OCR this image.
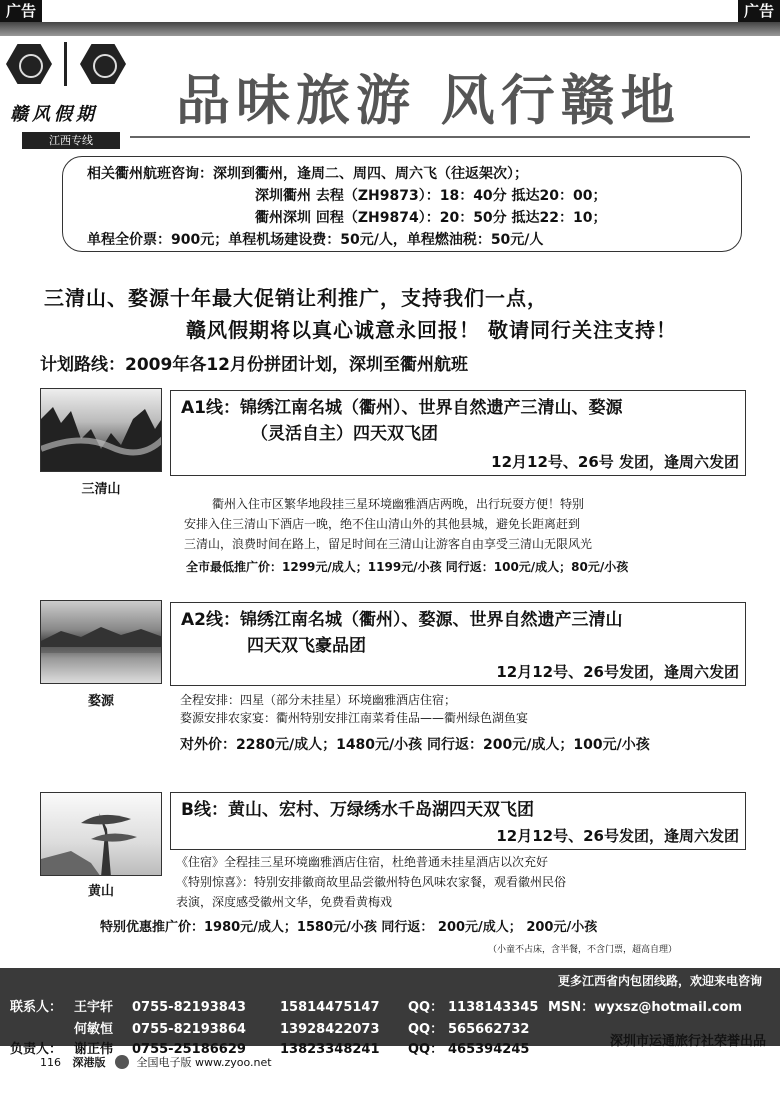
广告	广告
赣风假期
江西专线
品味旅游 风行赣地
相关衢州航班咨询：深圳到衢州，逢周二、周四、周六飞（往返架次）；
深圳衢州 去程（ZH9873）：18：40分 抵达20：00；
衢州深圳 回程（ZH9874）：20：50分 抵达22：10；
单程全价票：900元；单程机场建设费：50元/人，单程燃油税：50元/人
三清山、婺源十年最大促销让利推广，支持我们一点，
赣风假期将以真心诚意永回报！ 敬请同行关注支持！
计划路线：2009年各12月份拼团计划，深圳至衢州航班
三清山
A1线：锦绣江南名城（衢州）、世界自然遗产三清山、婺源
（灵活自主）四天双飞团
12月12号、26号 发团，逢周六发团
衢州入住市区繁华地段挂三星环境幽雅酒店两晚，出行玩耍方便！特别
安排入住三清山下酒店一晚，绝不住山清山外的其他县城，避免长距离赶到
三清山，浪费时间在路上，留足时间在三清山让游客自由享受三清山无限风光
全市最低推广价：1299元/成人；1199元/小孩 同行返：100元/成人；80元/小孩
婺源
A2线：锦绣江南名城（衢州）、婺源、世界自然遗产三清山
四天双飞豪品团
12月12号、26号发团，逢周六发团
全程安排：四星（部分未挂星）环境幽雅酒店住宿；
婺源安排农家宴：衢州特别安排江南菜肴佳品——衢州绿色湖鱼宴
对外价：2280元/成人；1480元/小孩 同行返：200元/成人；100元/小孩
黄山
B线：黄山、宏村、万绿绣水千岛湖四天双飞团
12月12号、26号发团，逢周六发团
《住宿》全程挂三星环境幽雅酒店住宿，杜绝普通未挂星酒店以次充好
《特别惊喜》：特别安排徽商故里品尝徽州特色风味农家餐，观看徽州民俗
表演，深度感受徽州文华，免费看黄梅戏
特别优惠推广价：1980元/成人；1580元/小孩 同行返： 200元/成人； 200元/小孩
（小童不占床，含半餐，不含门票，超高自理）
更多江西省内包团线路，欢迎来电咨询
联系人： 王宇轩 0755-82193843	15814475147 QQ： 1138143345 MSN：wyxsz@hotmail.com
何敏恒 0755-82193864	13928422073 QQ： 565662732
负责人： 谢正伟 0755-25186629	13823348241 QQ： 465394245
深圳市运通旅行社荣誉出品
116 深港版	全国电子版 www.zyoo.net
